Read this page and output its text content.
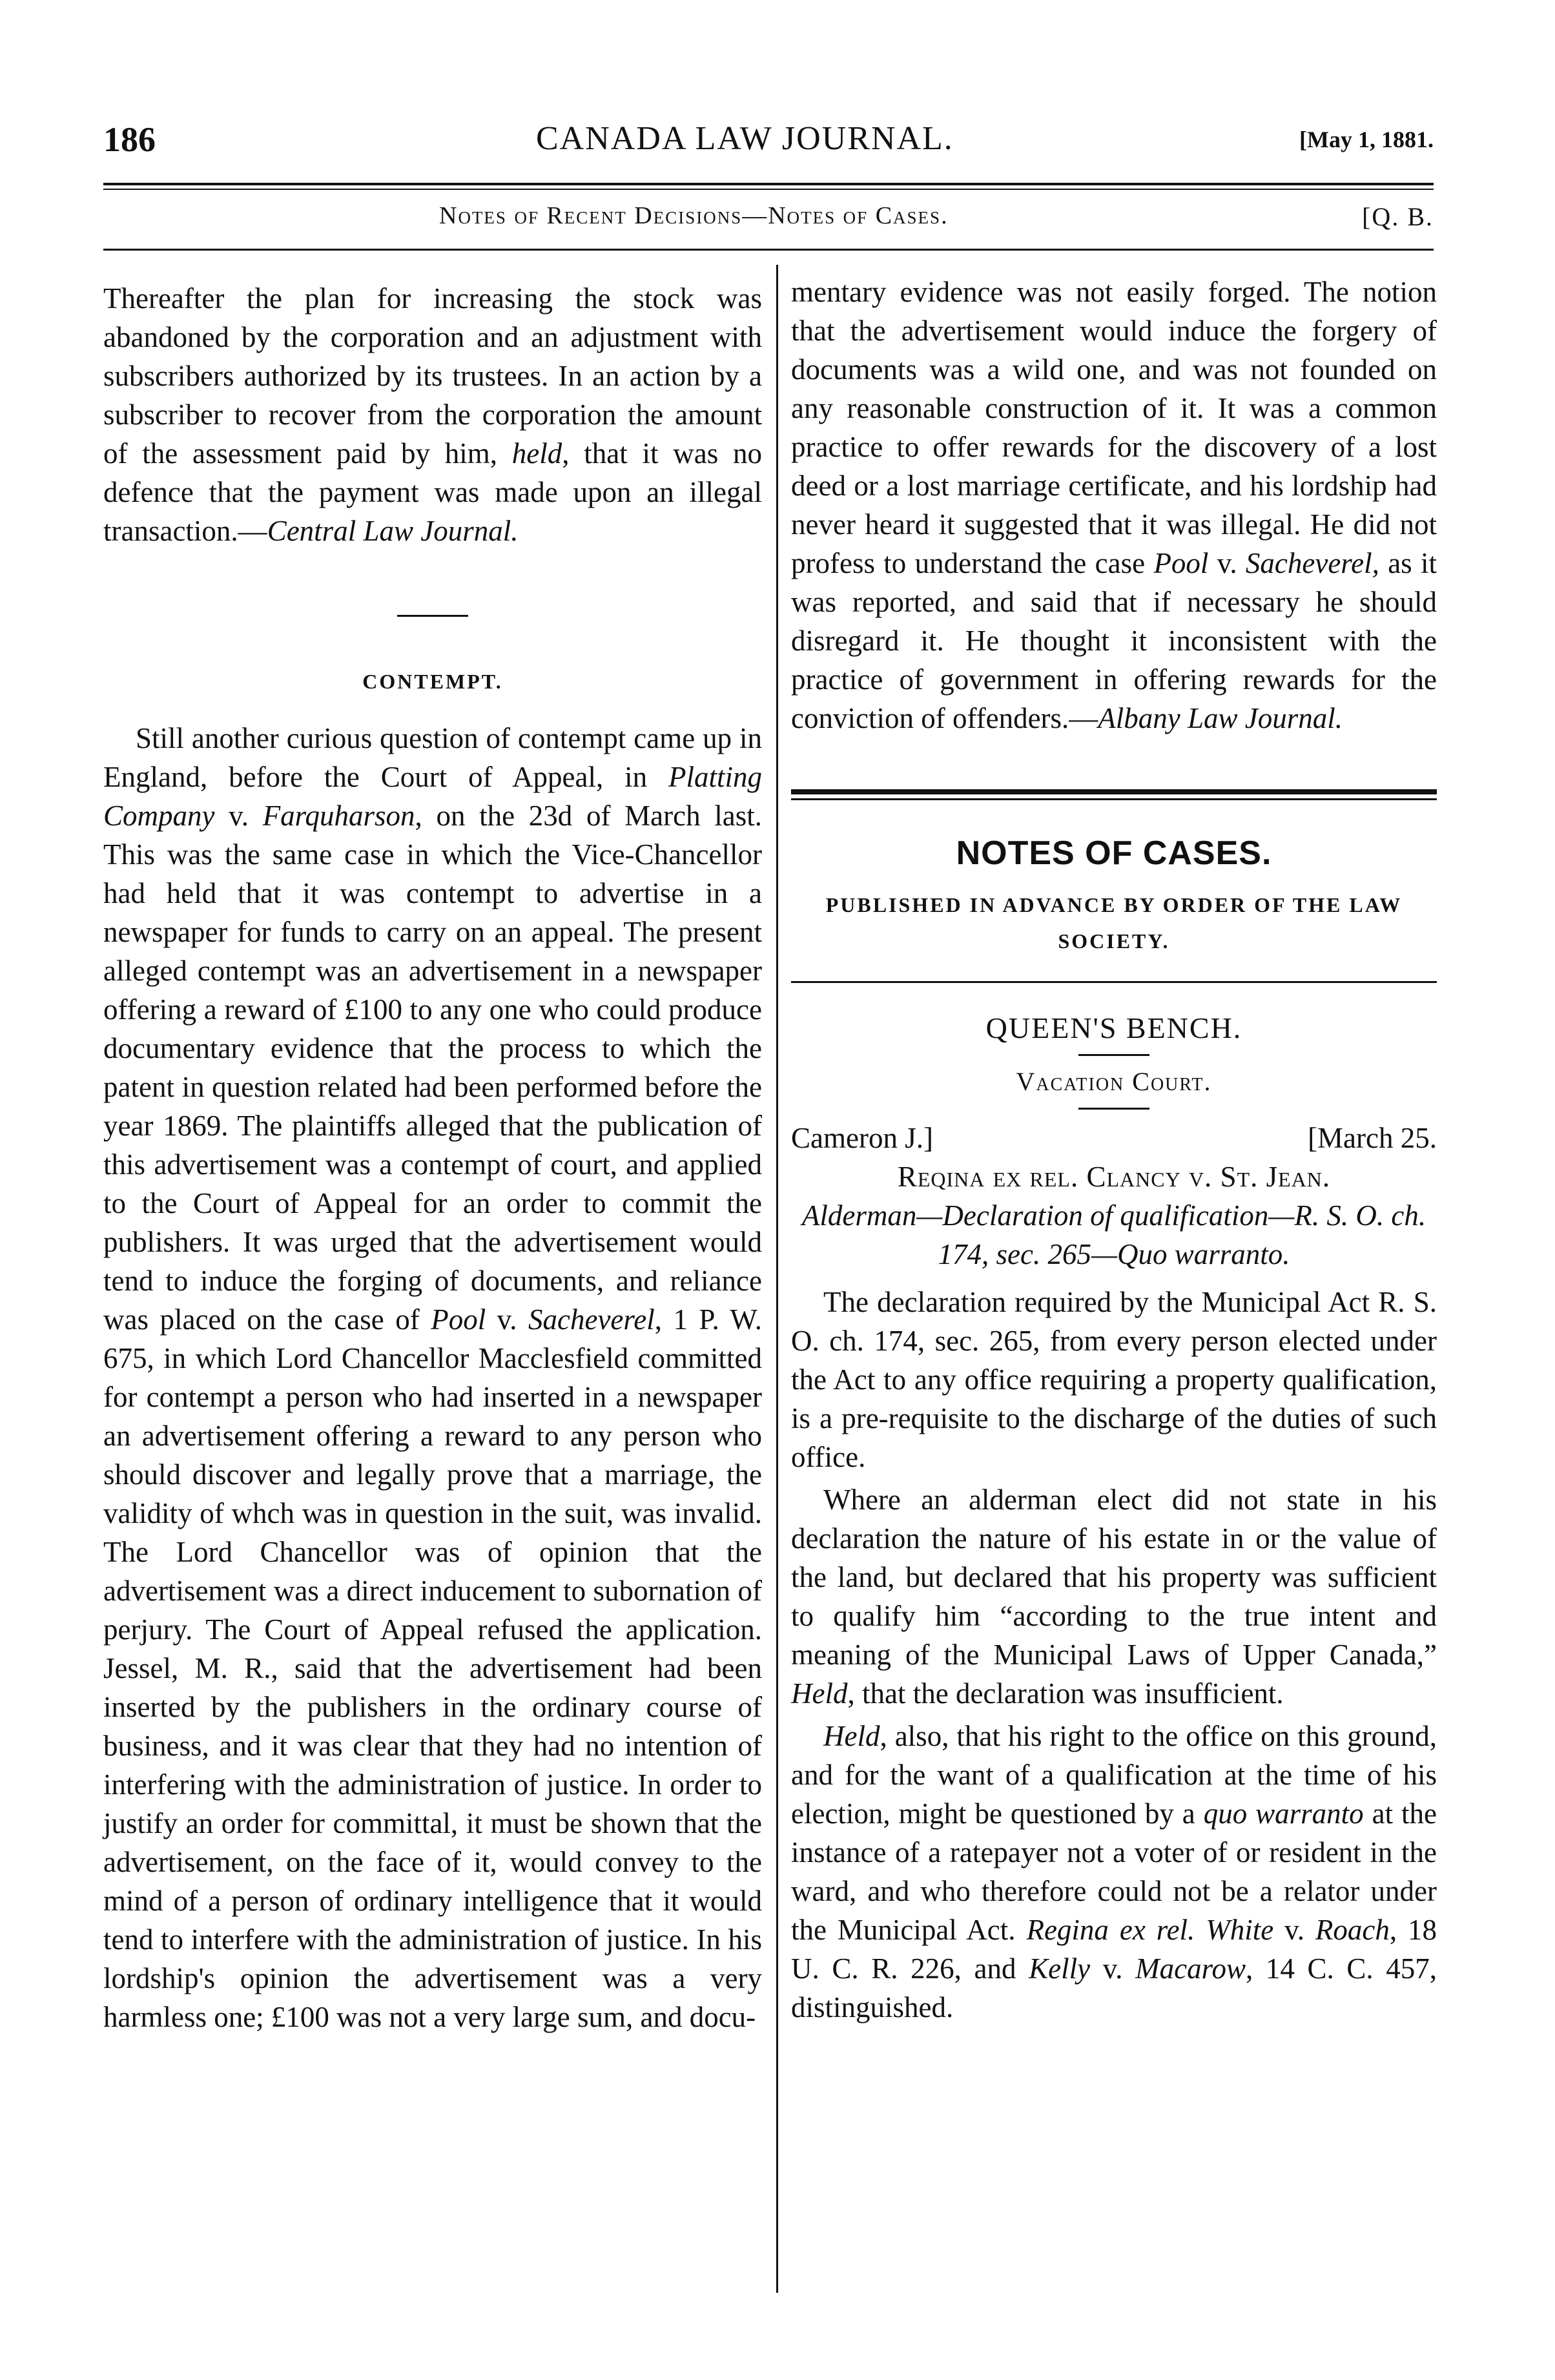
186	CANADA LAW JOURNAL.	[May 1, 1881.
Notes of Recent Decisions—Notes of Cases.	[Q. B.

Thereafter the plan for increasing the stock was abandoned by the corporation and an adjustment with subscribers authorized by its trustees. In an action by a subscriber to recover from the corporation the amount of the assessment paid by him, held, that it was no defence that the payment was made upon an illegal transaction.—Central Law Journal.

CONTEMPT.

Still another curious question of contempt came up in England, before the Court of Appeal, in Platting Company v. Farquharson, on the 23d of March last. This was the same case in which the Vice-Chancellor had held that it was contempt to advertise in a newspaper for funds to carry on an appeal. The present alleged contempt was an advertisement in a newspaper offering a reward of £100 to any one who could produce documentary evidence that the process to which the patent in question related had been performed before the year 1869. The plaintiffs alleged that the publication of this advertisement was a contempt of court, and applied to the Court of Appeal for an order to commit the publishers. It was urged that the advertisement would tend to induce the forging of documents, and reliance was placed on the case of Pool v. Sacheverel, 1 P. W. 675, in which Lord Chancellor Macclesfield committed for contempt a person who had inserted in a newspaper an advertisement offering a reward to any person who should discover and legally prove that a marriage, the validity of whch was in question in the suit, was invalid. The Lord Chancellor was of opinion that the advertisement was a direct inducement to subornation of perjury. The Court of Appeal refused the application. Jessel, M. R., said that the advertisement had been inserted by the publishers in the ordinary course of business, and it was clear that they had no intention of interfering with the administration of justice. In order to justify an order for committal, it must be shown that the advertisement, on the face of it, would convey to the mind of a person of ordinary intelligence that it would tend to interfere with the administration of justice. In his lordship's opinion the advertisement was a very harmless one; £100 was not a very large sum, and docu-

mentary evidence was not easily forged. The notion that the advertisement would induce the forgery of documents was a wild one, and was not founded on any reasonable construction of it. It was a common practice to offer rewards for the discovery of a lost deed or a lost marriage certificate, and his lordship had never heard it suggested that it was illegal. He did not profess to understand the case Pool v. Sacheverel, as it was reported, and said that if necessary he should disregard it. He thought it inconsistent with the practice of government in offering rewards for the conviction of offenders.—Albany Law Journal.

NOTES OF CASES.
PUBLISHED IN ADVANCE BY ORDER OF THE LAW SOCIETY.
QUEEN'S BENCH.
Vacation Court.
Cameron J.]	[March 25.
Reqina ex rel. Clancy v. St. Jean.
Alderman—Declaration of qualification—R. S. O. ch. 174, sec. 265—Quo warranto.

The declaration required by the Municipal Act R. S. O. ch. 174, sec. 265, from every person elected under the Act to any office requiring a property qualification, is a pre-requisite to the discharge of the duties of such office.

Where an alderman elect did not state in his declaration the nature of his estate in or the value of the land, but declared that his property was sufficient to qualify him “according to the true intent and meaning of the Municipal Laws of Upper Canada,” Held, that the declaration was insufficient.

Held, also, that his right to the office on this ground, and for the want of a qualification at the time of his election, might be questioned by a quo warranto at the instance of a ratepayer not a voter of or resident in the ward, and who therefore could not be a relator under the Municipal Act. Regina ex rel. White v. Roach, 18 U. C. R. 226, and Kelly v. Macarow, 14 C. C. 457, distinguished.
